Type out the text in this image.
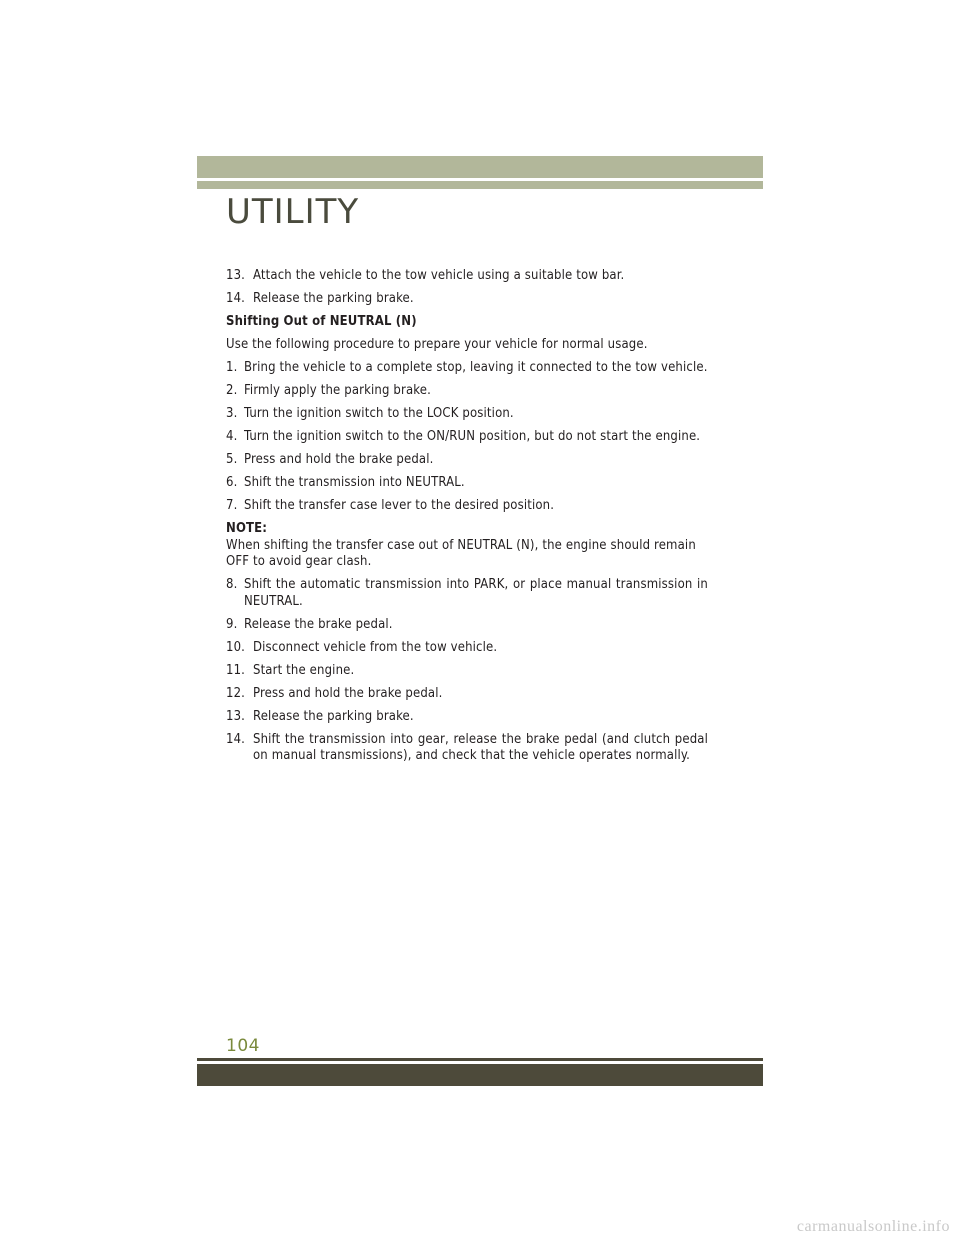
UTILITY
13. Attach the vehicle to the tow vehicle using a suitable tow bar.
14. Release the parking brake.
Shifting Out of NEUTRAL (N)
Use the following procedure to prepare your vehicle for normal usage.
1. Bring the vehicle to a complete stop, leaving it connected to the tow vehicle.
2. Firmly apply the parking brake.
3. Turn the ignition switch to the LOCK position.
4. Turn the ignition switch to the ON/RUN position, but do not start the engine.
5. Press and hold the brake pedal.
6. Shift the transmission into NEUTRAL.
7. Shift the transfer case lever to the desired position.
NOTE:
When shifting the transfer case out of NEUTRAL (N), the engine should remain OFF to avoid gear clash.
8. Shift the automatic transmission into PARK, or place manual transmission in NEUTRAL.
9. Release the brake pedal.
10. Disconnect vehicle from the tow vehicle.
11. Start the engine.
12. Press and hold the brake pedal.
13. Release the parking brake.
14. Shift the transmission into gear, release the brake pedal (and clutch pedal on manual transmissions), and check that the vehicle operates normally.
104
carmanualsonline.info
